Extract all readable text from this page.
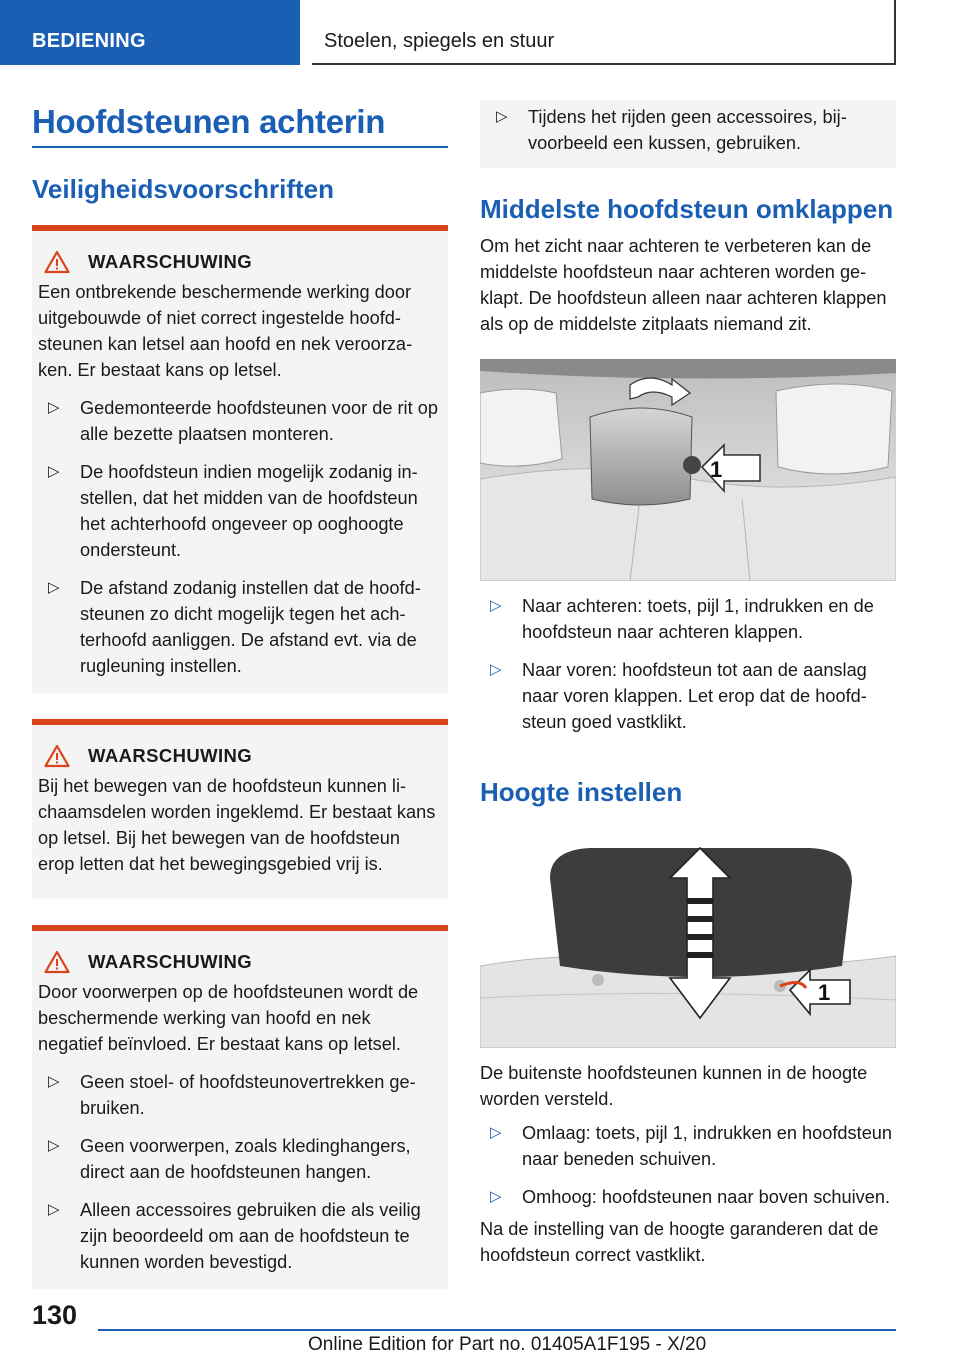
BEDIENING	Stoelen, spiegels en stuur
Hoofdsteunen achterin
Veiligheidsvoorschriften
WAARSCHUWING

Een ontbrekende beschermende werking door uitgebouwde of niet correct ingestelde hoofdsteunen kan letsel aan hoofd en nek veroorzaken. Er bestaat kans op letsel.

▷ Gedemonteerde hoofdsteunen voor de rit op alle bezette plaatsen monteren.
▷ De hoofdsteun indien mogelijk zodanig instellen, dat het midden van de hoofdsteun het achterhoofd ongeveer op ooghoogte ondersteunt.
▷ De afstand zodanig instellen dat de hoofdsteunen zo dicht mogelijk tegen het achterhoofd aanliggen. De afstand evt. via de rugleuning instellen.
WAARSCHUWING

Bij het bewegen van de hoofdsteun kunnen lichaamsdelen worden ingeklemd. Er bestaat kans op letsel. Bij het bewegen van de hoofdsteun erop letten dat het bewegingsgebied vrij is.

WAARSCHUWING

Door voorwerpen op de hoofdsteunen wordt de beschermende werking van hoofd en nek negatief beïnvloed. Er bestaat kans op letsel.

▷ Geen stoel- of hoofdsteunovertrekken gebruiken.
▷ Geen voorwerpen, zoals kledinghangers, direct aan de hoofdsteunen hangen.
▷ Alleen accessoires gebruiken die als veilig zijn beoordeeld om aan de hoofdsteun te kunnen worden bevestigd.
▷ Tijdens het rijden geen accessoires, bijvoorbeeld een kussen, gebruiken.
Middelste hoofdsteun omklappen

Om het zicht naar achteren te verbeteren kan de middelste hoofdsteun naar achteren worden geklapt. De hoofdsteun alleen naar achteren klappen als op de middelste zitplaats niemand zit.

1
▷ Naar achteren: toets, pijl 1, indrukken en de hoofdsteun naar achteren klappen.
▷ Naar voren: hoofdsteun tot aan de aanslag naar voren klappen. Let erop dat de hoofdsteun goed vastklikt.
Hoogte instellen
1

De buitenste hoofdsteunen kunnen in de hoogte worden versteld.

▷ Omlaag: toets, pijl 1, indrukken en hoofdsteun naar beneden schuiven.
▷ Omhoog: hoofdsteunen naar boven schuiven.

Na de instelling van de hoogte garanderen dat de hoofdsteun correct vastklikt.

130
Online Edition for Part no. 01405A1F195 - X/20
